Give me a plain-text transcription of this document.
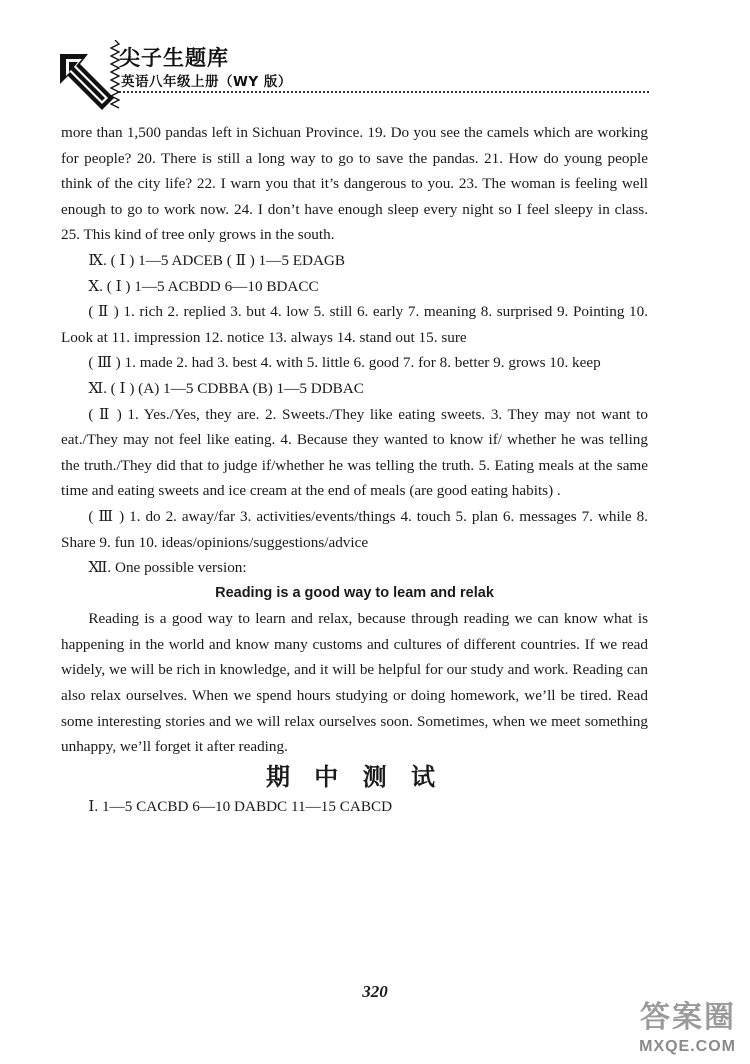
尖子生题库
英语八年级上册（WY 版）

more than 1,500 pandas left in Sichuan Province. 19. Do you see the camels which are working for people? 20. There is still a long way to go to save the pandas. 21. How do young people think of the city life? 22. I warn you that it’s dangerous to you. 23. The woman is feeling well enough to go to work now. 24. I don’t have enough sleep every night so I feel sleepy in class. 25. This kind of tree only grows in the south.

Ⅸ. ( Ⅰ ) 1—5 ADCEB ( Ⅱ ) 1—5 EDAGB

Ⅹ. ( Ⅰ ) 1—5 ACBDD 6—10 BDACC

( Ⅱ ) 1. rich 2. replied 3. but 4. low 5. still 6. early 7. meaning 8. surprised 9. Pointing 10. Look at 11. impression 12. notice 13. always 14. stand out 15. sure

( Ⅲ ) 1. made 2. had 3. best 4. with 5. little 6. good 7. for 8. better 9. grows 10. keep

Ⅺ. ( Ⅰ ) (A) 1—5 CDBBA (B) 1—5 DDBAC

( Ⅱ ) 1. Yes./Yes, they are. 2. Sweets./They like eating sweets. 3. They may not want to eat./They may not feel like eating. 4. Because they wanted to know if/ whether he was telling the truth./They did that to judge if/whether he was telling the truth. 5. Eating meals at the same time and eating sweets and ice cream at the end of meals (are good eating habits) .

( Ⅲ ) 1. do 2. away/far 3. activities/events/things 4. touch 5. plan 6. messages 7. while 8. Share 9. fun 10. ideas/opinions/suggestions/advice

Ⅻ. One possible version:

Reading is a good way to leam and relak

Reading is a good way to learn and relax, because through reading we can know what is happening in the world and know many customs and cultures of different countries. If we read widely, we will be rich in knowledge, and it will be helpful for our study and work. Reading can also relax ourselves. When we spend hours studying or doing homework, we’ll be tired. Read some interesting stories and we will relax ourselves soon. Sometimes, when we meet something unhappy, we’ll forget it after reading.

期 中 测 试

Ⅰ. 1—5 CACBD 6—10 DABDC 11—15 CABCD

320
答案圈
MXQE.COM
